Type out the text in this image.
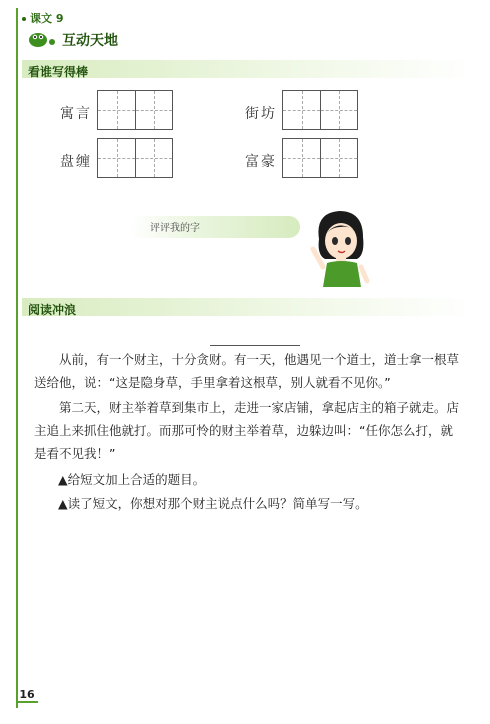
课文 9
互动天地
看谁写得棒
寓言	街坊
盘缠	富豪
评评我的字
阅读冲浪
从前，有一个财主，十分贪财。有一天，他遇见一个道士，道士拿一根草送给他，说：“这是隐身草，手里拿着这根草，别人就看不见你。”
第二天，财主举着草到集市上，走进一家店铺，拿起店主的箱子就走。店主追上来抓住他就打。而那可怜的财主举着草，边躲边叫：“任你怎么打，就是看不见我！”
▲给短文加上合适的题目。
▲读了短文，你想对那个财主说点什么吗？简单写一写。
16
